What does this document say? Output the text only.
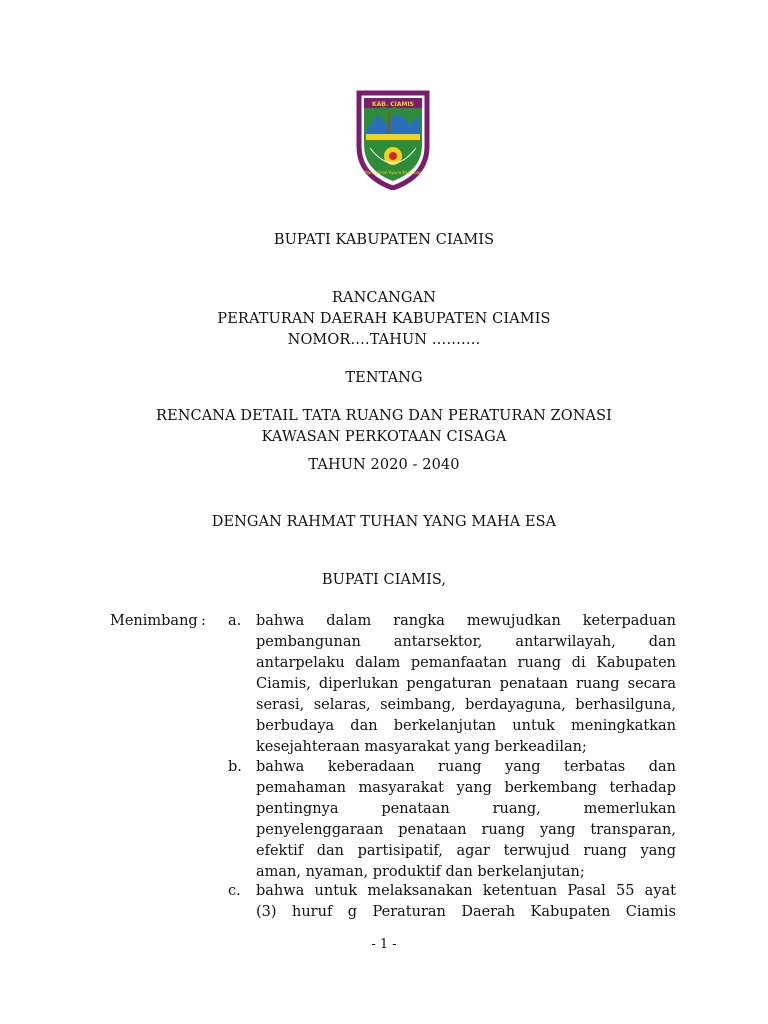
KAB. CIAMIS
Mahayunan Ayuna Kadatuan
BUPATI KABUPATEN CIAMIS
RANCANGAN
PERATURAN DAERAH KABUPATEN CIAMIS
NOMOR….TAHUN ……….
TENTANG
RENCANA DETAIL TATA RUANG DAN PERATURAN ZONASI
KAWASAN PERKOTAAN CISAGA
TAHUN 2020 - 2040
DENGAN RAHMAT TUHAN YANG MAHA ESA
BUPATI CIAMIS,
Menimbang : a. bahwa dalam rangka mewujudkan keterpaduan
pembangunan antarsektor, antarwilayah, dan
antarpelaku dalam pemanfaatan ruang di Kabupaten
Ciamis, diperlukan pengaturan penataan ruang secara
serasi, selaras, seimbang, berdayaguna, berhasilguna,
berbudaya dan berkelanjutan untuk meningkatkan
kesejahteraan masyarakat yang berkeadilan;
b. bahwa keberadaan ruang yang terbatas dan
pemahaman masyarakat yang berkembang terhadap
pentingnya penataan ruang, memerlukan
penyelenggaraan penataan ruang yang transparan,
efektif dan partisipatif, agar terwujud ruang yang
aman, nyaman, produktif dan berkelanjutan;
c. bahwa untuk melaksanakan ketentuan Pasal 55 ayat
(3) huruf g Peraturan Daerah Kabupaten Ciamis
- 1 -
